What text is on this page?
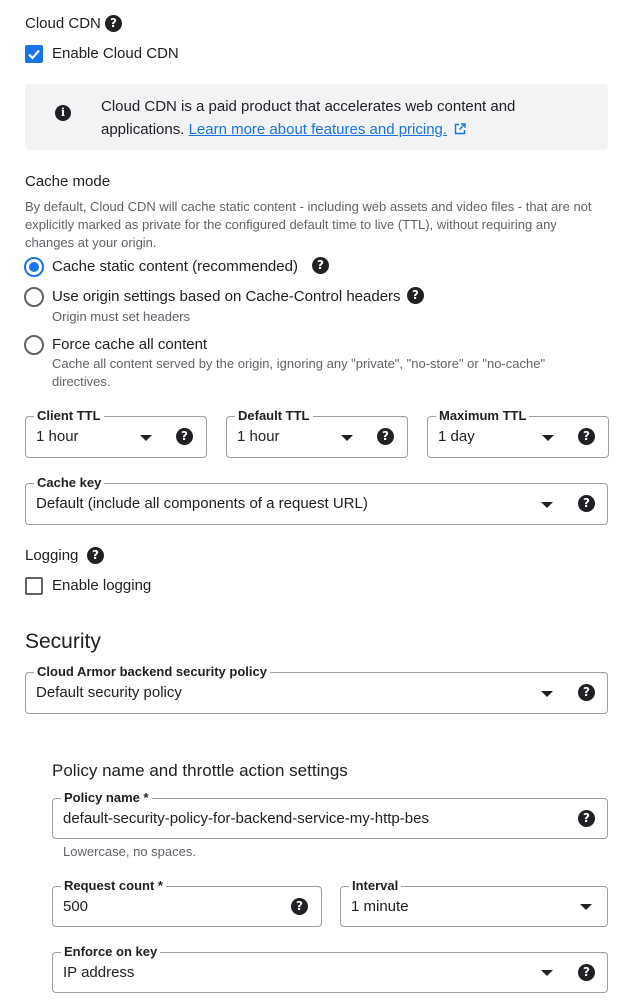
Cloud CDN ?
Enable Cloud CDN
i	Cloud CDN is a paid product that accelerates web content and applications. Learn more about features and pricing.
Cache mode
By default, Cloud CDN will cache static content - including web assets and video files - that are not explicitly marked as private for the configured default time to live (TTL), without requiring any changes at your origin.
Cache static content (recommended)	?
Use origin settings based on Cache-Control headers ?
Origin must set headers
Force cache all content
Cache all content served by the origin, ignoring any "private", "no-store" or "no-cache" directives.
Client TTL
1 hour	?
Default TTL
1 hour	?
Maximum TTL
1 day	?
Cache key
Default (include all components of a request URL)	?
Logging	?
Enable logging
Security
Cloud Armor backend security policy
Default security policy	?
Policy name and throttle action settings
Policy name *
default-security-policy-for-backend-service-my-http-bes	?
Lowercase, no spaces.
Request count *
500	?
Interval
1 minute
Enforce on key
IP address	?
